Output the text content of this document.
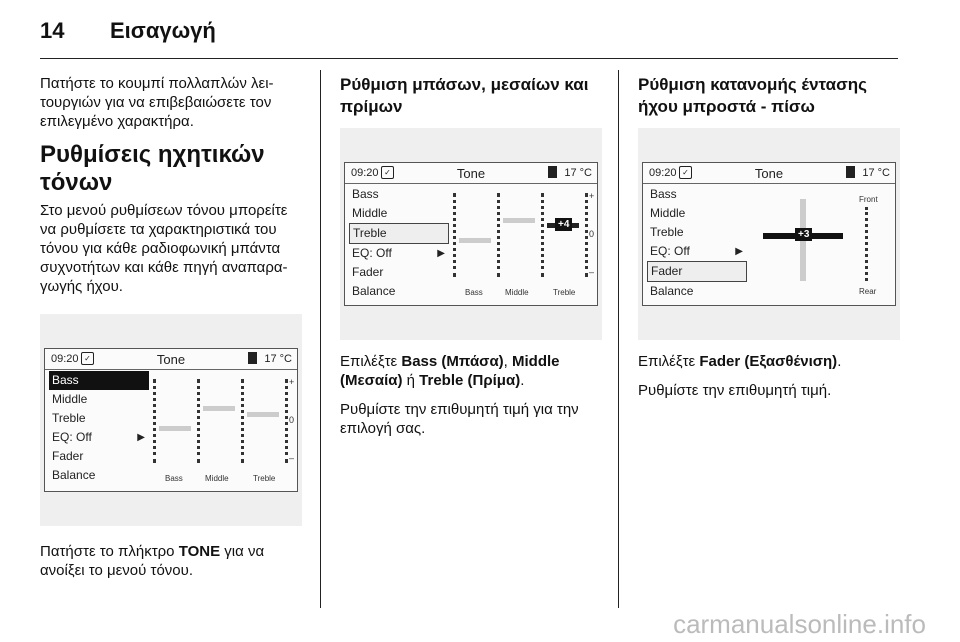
14 Εισαγωγή

Πατήστε το κουμπί πολλαπλών λει-τουργιών για να επιβεβαιώσετε τον επιλεγμένο χαρακτήρα.

Ρυθμίσεις ηχητικών τόνων

Στο μενού ρυθμίσεων τόνου μπορείτε να ρυθμίσετε τα χαρακτηριστικά του τόνου για κάθε ραδιοφωνική μπάντα συχνοτήτων και κάθε πηγή αναπαρα-γωγής ήχου.

09:20 ✓	Tone	17 °C
Bass
Middle
Treble
EQ: Off	▶
Fader
Balance
+
0
–
Bass	Middle	Treble

Πατήστε το πλήκτρο TONE για να ανοίξει το μενού τόνου.

Ρύθμιση μπάσων, μεσαίων και πρίμων
09:20 ✓	Tone	17 °C
Bass
Middle
Treble
EQ: Off	▶
Fader
Balance
+4
+
0
–
Bass	Middle	Treble

Επιλέξτε Bass (Μπάσα), Middle (Μεσαία) ή Treble (Πρίμα).

Ρυθμίστε την επιθυμητή τιμή για την επιλογή σας.

Ρύθμιση κατανομής έντασης ήχου μπροστά - πίσω
09:20 ✓	Tone	17 °C
Bass
Middle
Treble
EQ: Off	▶
Fader
Balance
+3
Front
Rear

Επιλέξτε Fader (Εξασθένιση).

Ρυθμίστε την επιθυμητή τιμή.

carmanualsonline.info
